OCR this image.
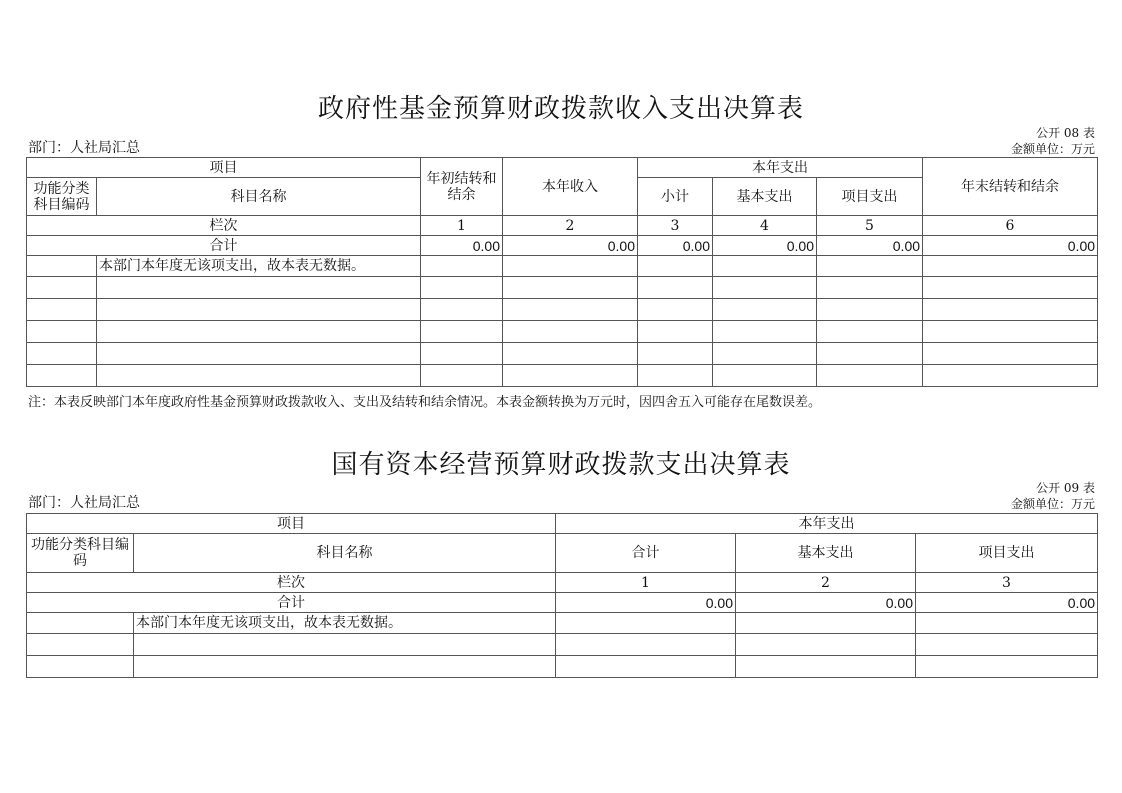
政府性基金预算财政拨款收入支出决算表
公开 08 表
部门：人社局汇总	金额单位：万元
项目		年初结转和结余	本年收入	本年支出			年末结转和结余
功能分类科目编码	科目名称			小计	基本支出	项目支出	
栏次		1	2	3	4	5	6
合计		0.00	0.00	0.00	0.00	0.00	0.00
	本部门本年度无该项支出，故本表无数据。						

注：本表反映部门本年度政府性基金预算财政拨款收入、支出及结转和结余情况。本表金额转换为万元时，因四舍五入可能存在尾数误差。
国有资本经营预算财政拨款支出决算表
公开 09 表
部门：人社局汇总	金额单位：万元
项目		本年支出		
功能分类科目编码	科目名称	合计	基本支出	项目支出
栏次		1	2	3
合计		0.00	0.00	0.00
	本部门本年度无该项支出，故本表无数据。			
